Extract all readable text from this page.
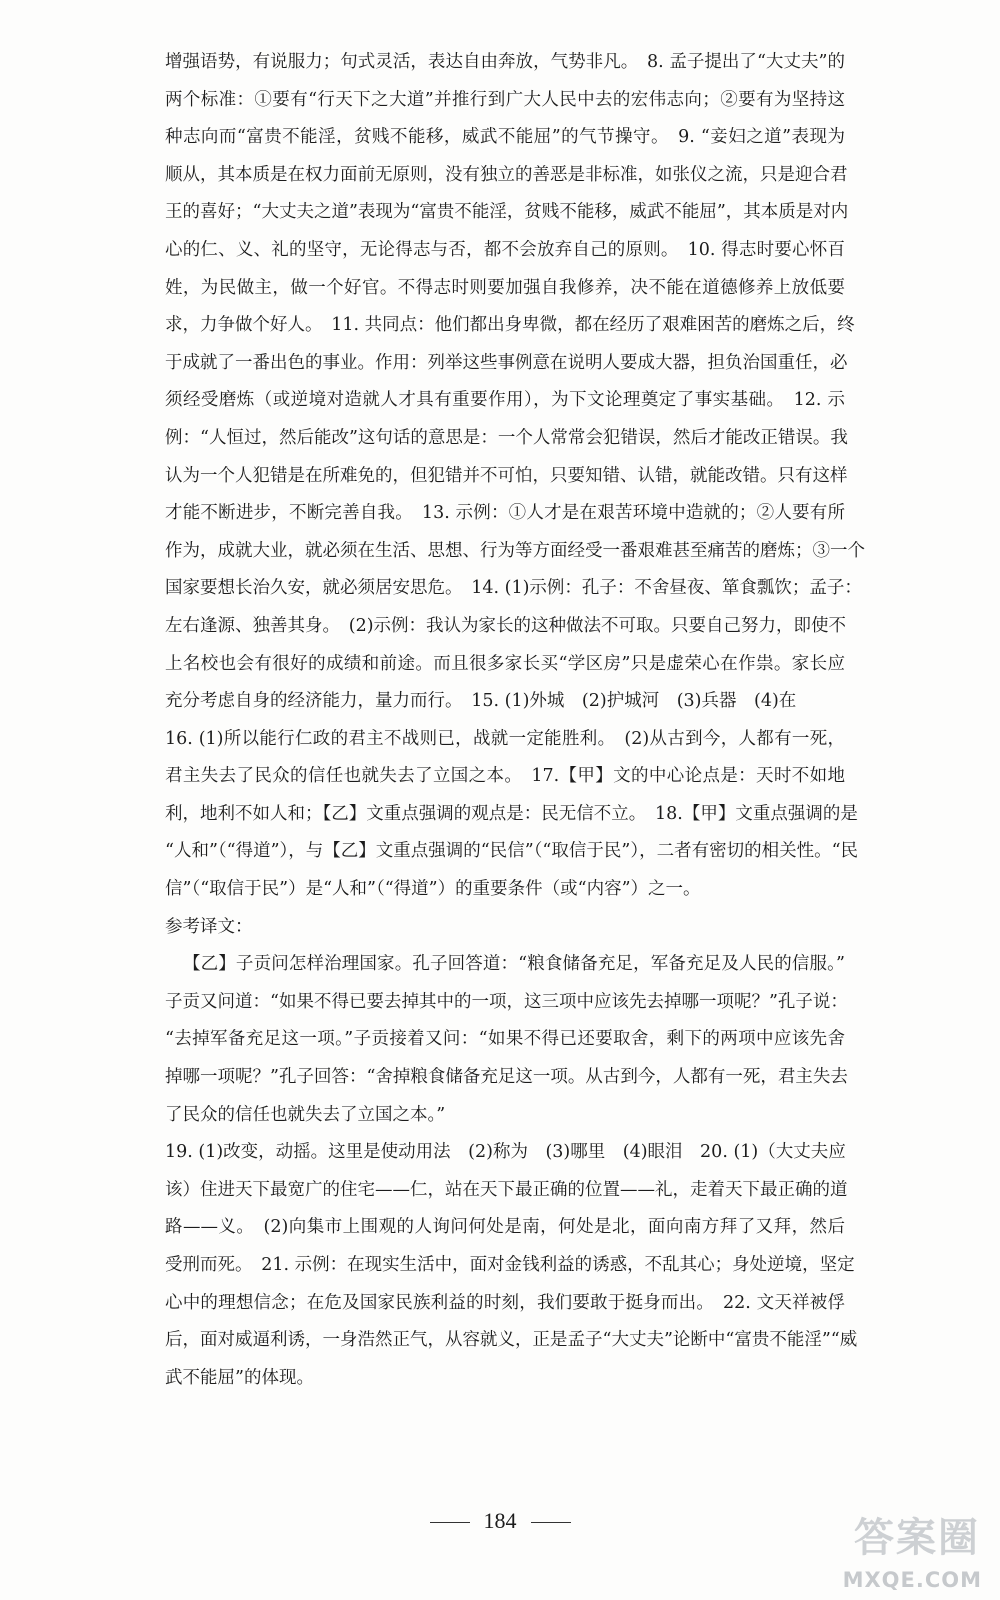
增强语势，有说服力；句式灵活，表达自由奔放，气势非凡。　8. 孟子提出了“大丈夫”的
两个标准：①要有“行天下之大道”并推行到广大人民中去的宏伟志向；②要有为坚持这
种志向而“富贵不能淫，贫贱不能移，威武不能屈”的气节操守。　9. “妾妇之道”表现为
顺从，其本质是在权力面前无原则，没有独立的善恶是非标准，如张仪之流，只是迎合君
王的喜好；“大丈夫之道”表现为“富贵不能淫，贫贱不能移，威武不能屈”，其本质是对内
心的仁、义、礼的坚守，无论得志与否，都不会放弃自己的原则。　10. 得志时要心怀百
姓，为民做主，做一个好官。不得志时则要加强自我修养，决不能在道德修养上放低要
求，力争做个好人。　11. 共同点：他们都出身卑微，都在经历了艰难困苦的磨炼之后，终
于成就了一番出色的事业。作用：列举这些事例意在说明人要成大器，担负治国重任，必
须经受磨炼（或逆境对造就人才具有重要作用），为下文论理奠定了事实基础。　12. 示
例：“人恒过，然后能改”这句话的意思是：一个人常常会犯错误，然后才能改正错误。我
认为一个人犯错是在所难免的，但犯错并不可怕，只要知错、认错，就能改错。只有这样
才能不断进步，不断完善自我。　13. 示例：①人才是在艰苦环境中造就的；②人要有所
作为，成就大业，就必须在生活、思想、行为等方面经受一番艰难甚至痛苦的磨炼；③一个
国家要想长治久安，就必须居安思危。　14. (1)示例：孔子：不舍昼夜、箪食瓢饮；孟子：
左右逢源、独善其身。　(2)示例：我认为家长的这种做法不可取。只要自己努力，即使不
上名校也会有很好的成绩和前途。而且很多家长买“学区房”只是虚荣心在作祟。家长应
充分考虑自身的经济能力，量力而行。　15. (1)外城　(2)护城河　(3)兵器　(4)在
16. (1)所以能行仁政的君主不战则已，战就一定能胜利。　(2)从古到今，人都有一死，
君主失去了民众的信任也就失去了立国之本。　17.【甲】文的中心论点是：天时不如地
利，地利不如人和；【乙】文重点强调的观点是：民无信不立。　18.【甲】文重点强调的是
“人和”（“得道”），与【乙】文重点强调的“民信”（“取信于民”），二者有密切的相关性。“民
信”（“取信于民”）是“人和”（“得道”）的重要条件（或“内容”）之一。
参考译文：
【乙】子贡问怎样治理国家。孔子回答道：“粮食储备充足，军备充足及人民的信服。”
子贡又问道：“如果不得已要去掉其中的一项，这三项中应该先去掉哪一项呢？”孔子说：
“去掉军备充足这一项。”子贡接着又问：“如果不得已还要取舍，剩下的两项中应该先舍
掉哪一项呢？”孔子回答：“舍掉粮食储备充足这一项。从古到今，人都有一死，君主失去
了民众的信任也就失去了立国之本。”
19. (1)改变，动摇。这里是使动用法　(2)称为　(3)哪里　(4)眼泪　20. (1)（大丈夫应
该）住进天下最宽广的住宅——仁，站在天下最正确的位置——礼，走着天下最正确的道
路——义。　(2)向集市上围观的人询问何处是南，何处是北，面向南方拜了又拜，然后
受刑而死。　21. 示例：在现实生活中，面对金钱利益的诱惑，不乱其心；身处逆境，坚定
心中的理想信念；在危及国家民族利益的时刻，我们要敢于挺身而出。　22. 文天祥被俘
后，面对威逼利诱，一身浩然正气，从容就义，正是孟子“大丈夫”论断中“富贵不能淫”“威
武不能屈”的体现。
184	答案圈
MXQE.COM
